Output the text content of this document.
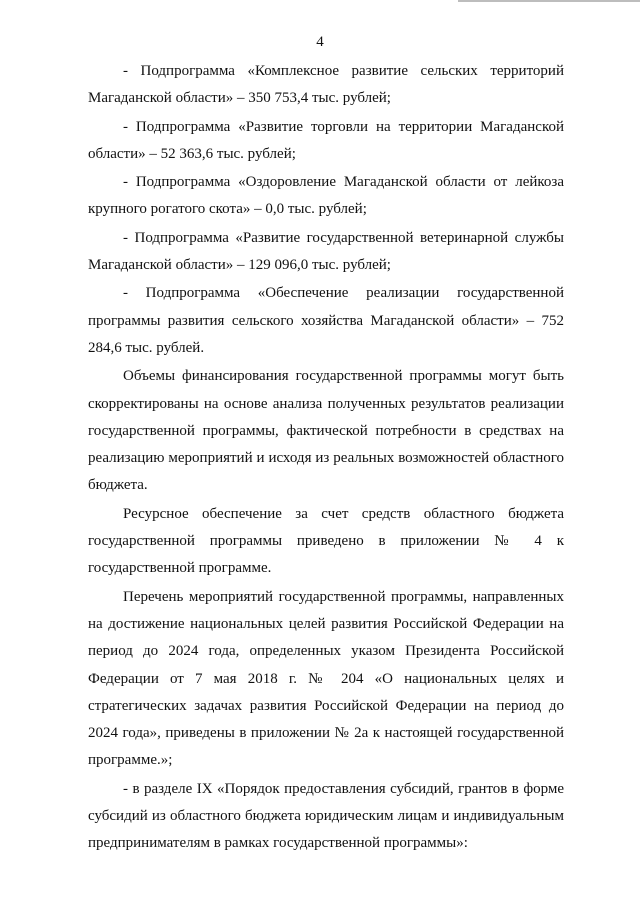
4

- Подпрограмма «Комплексное развитие сельских территорий Магаданской области» – 350 753,4 тыс. рублей;

- Подпрограмма «Развитие торговли на территории Магаданской области» – 52 363,6 тыс. рублей;

- Подпрограмма «Оздоровление Магаданской области от лейкоза крупного рогатого скота» – 0,0 тыс. рублей;

- Подпрограмма «Развитие государственной ветеринарной службы Магаданской области» – 129 096,0 тыс. рублей;

- Подпрограмма «Обеспечение реализации государственной программы развития сельского хозяйства Магаданской области» – 752 284,6 тыс. рублей.

Объемы финансирования государственной программы могут быть скорректированы на основе анализа полученных результатов реализации государственной программы, фактической потребности в средствах на реализацию мероприятий и исходя из реальных возможностей областного бюджета.

Ресурсное обеспечение за счет средств областного бюджета государственной программы приведено в приложении № 4 к государственной программе.

Перечень мероприятий государственной программы, направленных на достижение национальных целей развития Российской Федерации на период до 2024 года, определенных указом Президента Российской Федерации от 7 мая 2018 г. № 204 «О национальных целях и стратегических задачах развития Российской Федерации на период до 2024 года», приведены в приложении № 2а к настоящей государственной программе.»;

- в разделе IX «Порядок предоставления субсидий, грантов в форме субсидий из областного бюджета юридическим лицам и индивидуальным предпринимателям в рамках государственной программы»:
